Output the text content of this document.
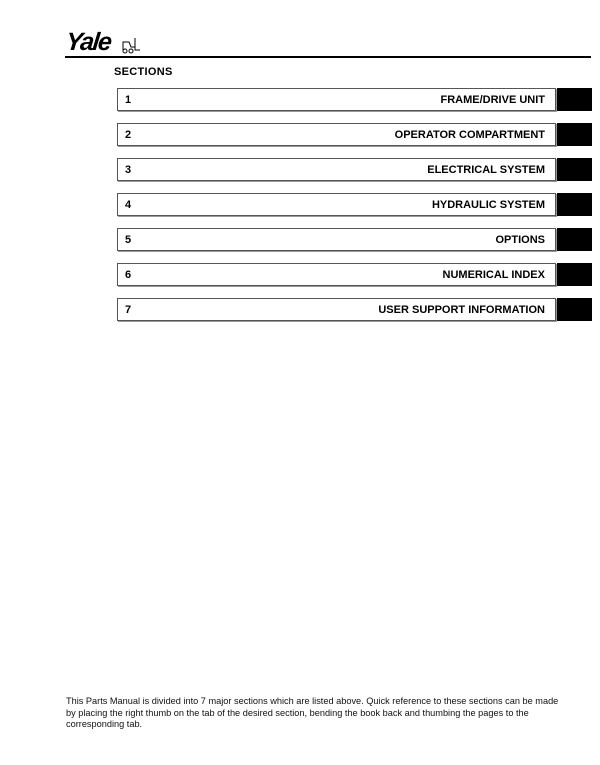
Yale
SECTIONS
1	FRAME/DRIVE UNIT
2	OPERATOR COMPARTMENT
3	ELECTRICAL SYSTEM
4	HYDRAULIC SYSTEM
5	OPTIONS
6	NUMERICAL INDEX
7	USER SUPPORT INFORMATION
This Parts Manual is divided into 7 major sections which are listed above. Quick reference to these sections can be made by placing the right thumb on the tab of the desired section, bending the book back and thumbing the pages to the corresponding tab.
